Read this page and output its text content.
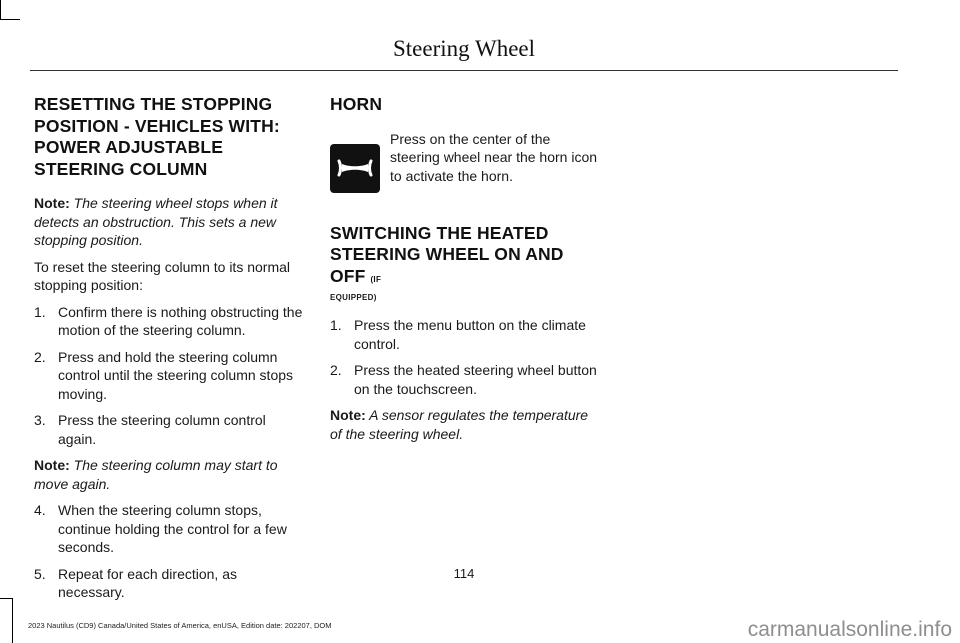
Steering Wheel
RESETTING THE STOPPING POSITION - VEHICLES WITH: POWER ADJUSTABLE STEERING COLUMN

Note: The steering wheel stops when it detects an obstruction. This sets a new stopping position.

To reset the steering column to its normal stopping position:

1. Confirm there is nothing obstructing the motion of the steering column.
2. Press and hold the steering column control until the steering column stops moving.
3. Press the steering column control again.

Note: The steering column may start to move again.

4. When the steering column stops, continue holding the control for a few seconds.
5. Repeat for each direction, as necessary.
HORN

Press on the center of the steering wheel near the horn icon to activate the horn.

SWITCHING THE HEATED STEERING WHEEL ON AND OFF (IF
EQUIPPED)
1. Press the menu button on the climate control.
2. Press the heated steering wheel button on the touchscreen.

Note: A sensor regulates the temperature of the steering wheel.

114
2023 Nautilus (CD9) Canada/United States of America, enUSA, Edition date: 202207, DOM	carmanualsonline.info
